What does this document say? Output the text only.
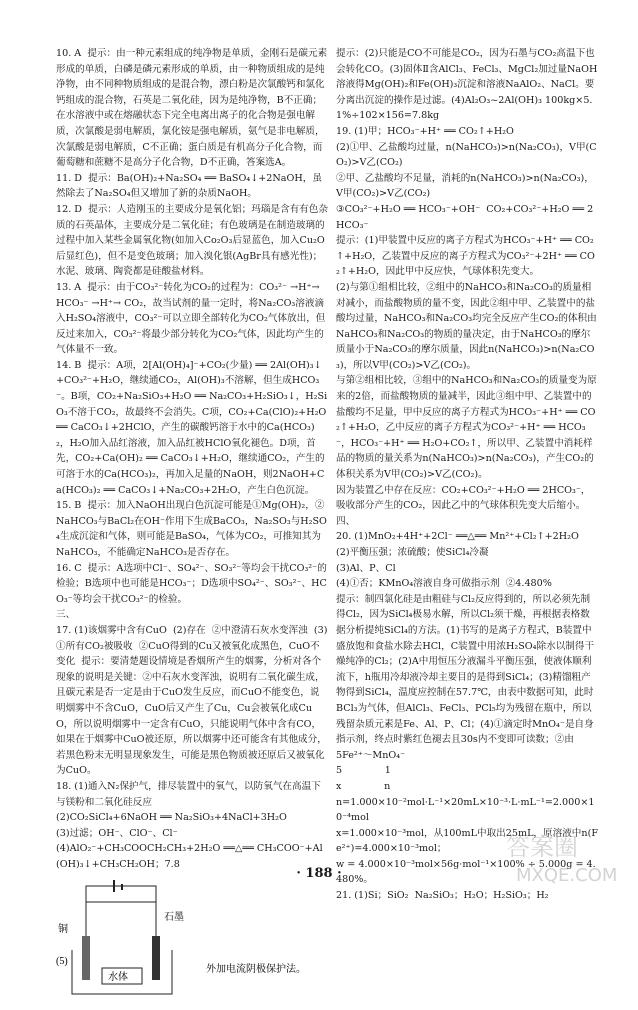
10. A  提示：由一种元素组成的纯净物是单质，金刚石是碳元素形成的单质，白磷是磷元素形成的单质，由一种物质组成的是纯净物，由不同种物质组成的是混合物，漂白粉是次氯酸钙和氯化钙组成的混合物，石英是二氧化硅，因为是纯净物，B不正确；在水溶液中或在熔融状态下完全电离出离子的化合物是强电解质，次氯酸是弱电解质，氯化铵是强电解质，氨气是非电解质，次氯酸是弱电解质，C不正确；蛋白质是有机高分子化合物，而葡萄糖和蔗糖不是高分子化合物，D不正确，答案选A。

11. D  提示：Ba(OH)₂+Na₂SO₄ ══ BaSO₄↓+2NaOH，虽然除去了Na₂SO₄但又增加了新的杂质NaOH。

12. D  提示：人造刚玉的主要成分是氧化铝；玛瑙是含有有色杂质的石英晶体，主要成分是二氧化硅；有色玻璃是在制造玻璃的过程中加入某些金属氧化物(如加入Co₂O₃后显蓝色，加入Cu₂O后显红色)，但不是变色玻璃；加入溴化银(AgBr具有感光性)；水泥、玻璃、陶瓷都是硅酸盐材料。

13. A  提示：由于CO₃²⁻转化为CO₂的过程为：CO₃²⁻ →H⁺→ HCO₃⁻ →H⁺→ CO₂，故当试剂的量一定时，将Na₂CO₃溶液滴入H₂SO₄溶液中，CO₃²⁻可以立即全部转化为CO₂气体放出，但反过来加入，CO₃²⁻将最少部分转化为CO₂气体，因此均产生的气体量不一致。

14. B  提示：A项，2[Al(OH)₄]⁻+CO₂(少量) ══ 2Al(OH)₃↓+CO₃²⁻+H₂O，继续通CO₂，Al(OH)₃不溶解，但生成HCO₃⁻。B项，CO₂+Na₂SiO₃+H₂O ══ Na₂CO₃+H₂SiO₃↓，H₂SiO₃不溶于CO₂，故最终不会消失。C项，CO₂+Ca(ClO)₂+H₂O ══ CaCO₃↓+2HClO，产生的碳酸钙溶于水中的Ca(HCO₃)₂，H₂O加入品红溶液，加入品红被HClO氧化褪色。D项，首先，CO₂+Ca(OH)₂ ══ CaCO₃↓+H₂O，继续通CO₂，产生的可溶于水的Ca(HCO₃)₂，再加入足量的NaOH，则2NaOH+Ca(HCO₃)₂ ══ CaCO₃↓+Na₂CO₃+2H₂O，产生白色沉淀。

15. B  提示：加入NaOH出现白色沉淀可能是①Mg(OH)₂，②NaHCO₃与BaCl₂在OH⁻作用下生成BaCO₃，Na₂SO₃与H₂SO₄生成沉淀和气体，则可能是BaSO₄，气体为CO₂，可推知其为NaHCO₃，不能确定NaHCO₃是否存在。

16. C  提示：A选项中Cl⁻、SO₄²⁻、SO₃²⁻等均会干扰CO₃²⁻的检验；B选项中也可能是HCO₃⁻；D选项中SO₄²⁻、SO₃²⁻、HCO₃⁻等均会干扰CO₃²⁻的检验。

三、

17. (1)该烟雾中含有CuO  (2)存在  ②中澄清石灰水变浑浊  (3)①所有CO₂被吸收  ②CuO得到的Cu又被氧化成黑色，CuO不变化  提示：要清楚题设情境是香烟所产生的烟雾，分析对各个现象的说明是关键：②中石灰水变浑浊，说明有二氧化碳生成，且碳元素是否一定是由于CuO发生反应，而CuO不能变色，说明烟雾中不含CuO，CuO后又产生了Cu，Cu会被氧化成CuO，所以说明烟雾中一定含有CuO，只能说明气体中含有CO，如果在于烟雾中CuO被还原，所以烟雾中还可能含有其他成分，若黑色粉末无明显现象发生，可能是黑色物质被还原后又被氧化为CuO。

18. (1)通入N₂保护气，排尽装置中的氧气，以防氧气在高温下与镁粉和二氧化硅反应

(2)CO₂SiCl₄+6NaOH ══ Na₂SiO₃+4NaCl+3H₂O

(3)过滤；OH⁻、ClO⁻、Cl⁻

(4)AlO₂⁻+CH₃COOCH₂CH₃+2H₂O ══△══ CH₃COO⁻+Al(OH)₃↓+CH₃CH₂OH；7.8

(5)
铜
石墨
水体
外加电流阴极保护法。

提示：(2)只能是CO不可能是CO₂，因为石墨与CO₂高温下也会转化CO。(3)固体Ⅱ含AlCl₃、FeCl₃、MgCl₂加过量NaOH溶液得Mg(OH)₂和Fe(OH)₃沉淀和溶液NaAlO₂、NaCl。要分离出沉淀的操作是过滤。(4)Al₂O₃~2Al(OH)₃ 100kg×5.1%÷102×156=7.8kg

19. (1)甲；HCO₃⁻+H⁺ ══ CO₂↑+H₂O

(2)①甲、乙盐酸均过量，n(NaHCO₃)>n(Na₂CO₃)，V甲(CO₂)>V乙(CO₂)

②甲、乙盐酸均不足量，消耗的n(NaHCO₃)>n(Na₂CO₃)，V甲(CO₂)>V乙(CO₂)

③CO₃²⁻+H₂O ══ HCO₃⁻+OH⁻  CO₂+CO₃²⁻+H₂O ══ 2HCO₃⁻

提示：(1)甲装置中反应的离子方程式为HCO₃⁻+H⁺ ══ CO₂↑+H₂O，乙装置中反应的离子方程式为CO₃²⁻+2H⁺ ══ CO₂↑+H₂O，因此甲中反应快，气球体积先变大。

(2)与第①组相比较，②组中的NaHCO₃和Na₂CO₃的质量相对减小，而盐酸物质的量不变，因此②组中甲、乙装置中的盐酸均过量，NaHCO₃和Na₂CO₃均完全反应产生CO₂的体积由NaHCO₃和Na₂CO₃的物质的量决定，由于NaHCO₃的摩尔质量小于Na₂CO₃的摩尔质量，因此n(NaHCO₃)>n(Na₂CO₃)，所以V甲(CO₂)>V乙(CO₂)。

与第②组相比较，③组中的NaHCO₃和Na₂CO₃的质量变为原来的2倍，而盐酸物质的量减半，因此③组中甲、乙装置中的盐酸均不足量，甲中反应的离子方程式为HCO₃⁻+H⁺ ══ CO₂↑+H₂O，乙中反应的离子方程式为CO₃²⁻+H⁺ ══ HCO₃⁻，HCO₃⁻+H⁺ ══ H₂O+CO₂↑，所以甲、乙装置中消耗样品的物质的量关系为n(NaHCO₃)>n(Na₂CO₃)，产生CO₂的体积关系为V甲(CO₂)>V乙(CO₂)。

因为装置乙中存在反应：CO₂+CO₃²⁻+H₂O ══ 2HCO₃⁻，吸收部分产生的CO₂，因此乙中的气球体积先变大后缩小。

四、

20. (1)MnO₂+4H⁺+2Cl⁻ ══△══ Mn²⁺+Cl₂↑+2H₂O

(2)平衡压强；浓硫酸；使SiCl₄冷凝

(3)Al、P、Cl

(4)①否；KMnO₄溶液自身可做指示剂  ②4.480%

提示：制四氯化硅是由粗硅与Cl₂反应得到的，所以必须先制得Cl₂，因为SiCl₄极易水解，所以Cl₂须干燥，再根据表格数据分析提纯SiCl₄的方法。(1)书写的是离子方程式，B装置中盛放饱和食盐水除去HCl，C装置中用浓H₂SO₄除水以制得干燥纯净的Cl₂；(2)A中用恒压分液漏斗平衡压强，使液体顺利流下，h瓶用冷却液冷却主要目的是得到SiCl₄；(3)精馏粗产物得到SiCl₄，温度应控制在57.7℃，由表中数据可知，此时BCl₃为气体，但AlCl₃、FeCl₃、PCl₅均为残留在瓶中，所以残留杂质元素是Fe、Al、P、Cl；(4)①滴定时MnO₄⁻是自身指示剂，终点时紫红色褪去且30s内不变即可读数；②由

5Fe²⁺～MnO₄⁻

5              1

x              n

n=1.000×10⁻²mol·L⁻¹×20mL×10⁻³·L·mL⁻¹=2.000×10⁻⁴mol

x=1.000×10⁻³mol，从100mL中取出25mL，原溶液中n(Fe²⁺)=4.000×10⁻³mol；

w = 4.000×10⁻³mol×56g·mol⁻¹×100% ÷ 5.000g = 4.480%。

21. (1)Si；SiO₂  Na₂SiO₃；H₂O；H₂SiO₃；H₂

· 188 ·
答案圈
MXQE.COM
